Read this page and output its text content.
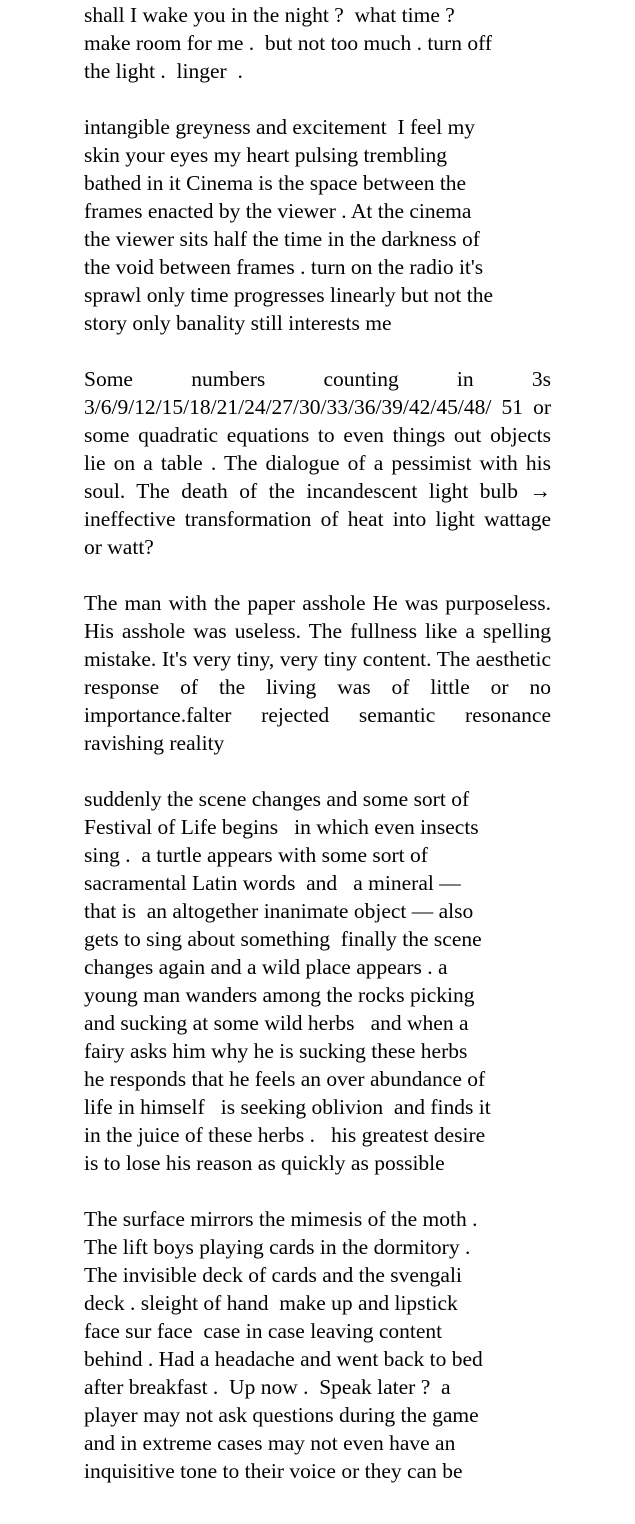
shall I wake you in the night ?  what time ?
make room for me .  but not too much . turn off
the light .  linger  .
intangible greyness and excitement  I feel my
skin your eyes my heart pulsing trembling
bathed in it Cinema is the space between the
frames enacted by the viewer . At the cinema
the viewer sits half the time in the darkness of
the void between frames . turn on the radio it's
sprawl only time progresses linearly but not the
story only banality still interests me

Some numbers counting in 3s 3/6/9/12/15/18/21/24/27/30/33/36/39/42/45/48/ 51 or some quadratic equations to even things out objects lie on a table . The dialogue of a pessimist with his soul. The death of the incandescent light bulb → ineffective transformation of heat into light wattage or watt?

The man with the paper asshole He was purposeless. His asshole was useless. The fullness like a spelling mistake. It's very tiny, very tiny content. The aesthetic response of the living was of little or no importance.falter rejected semantic resonance ravishing reality

suddenly the scene changes and some sort of
Festival of Life begins   in which even insects
sing .  a turtle appears with some sort of
sacramental Latin words  and   a mineral —
that is  an altogether inanimate object — also
gets to sing about something  finally the scene
changes again and a wild place appears . a
young man wanders among the rocks picking
and sucking at some wild herbs   and when a
fairy asks him why he is sucking these herbs
he responds that he feels an over abundance of
life in himself   is seeking oblivion  and finds it
in the juice of these herbs .   his greatest desire
is to lose his reason as quickly as possible
The surface mirrors the mimesis of the moth .
The lift boys playing cards in the dormitory .
The invisible deck of cards and the svengali
deck . sleight of hand  make up and lipstick
face sur face  case in case leaving content
behind . Had a headache and went back to bed
after breakfast .  Up now .  Speak later ?  a
player may not ask questions during the game
and in extreme cases may not even have an
inquisitive tone to their voice or they can be
